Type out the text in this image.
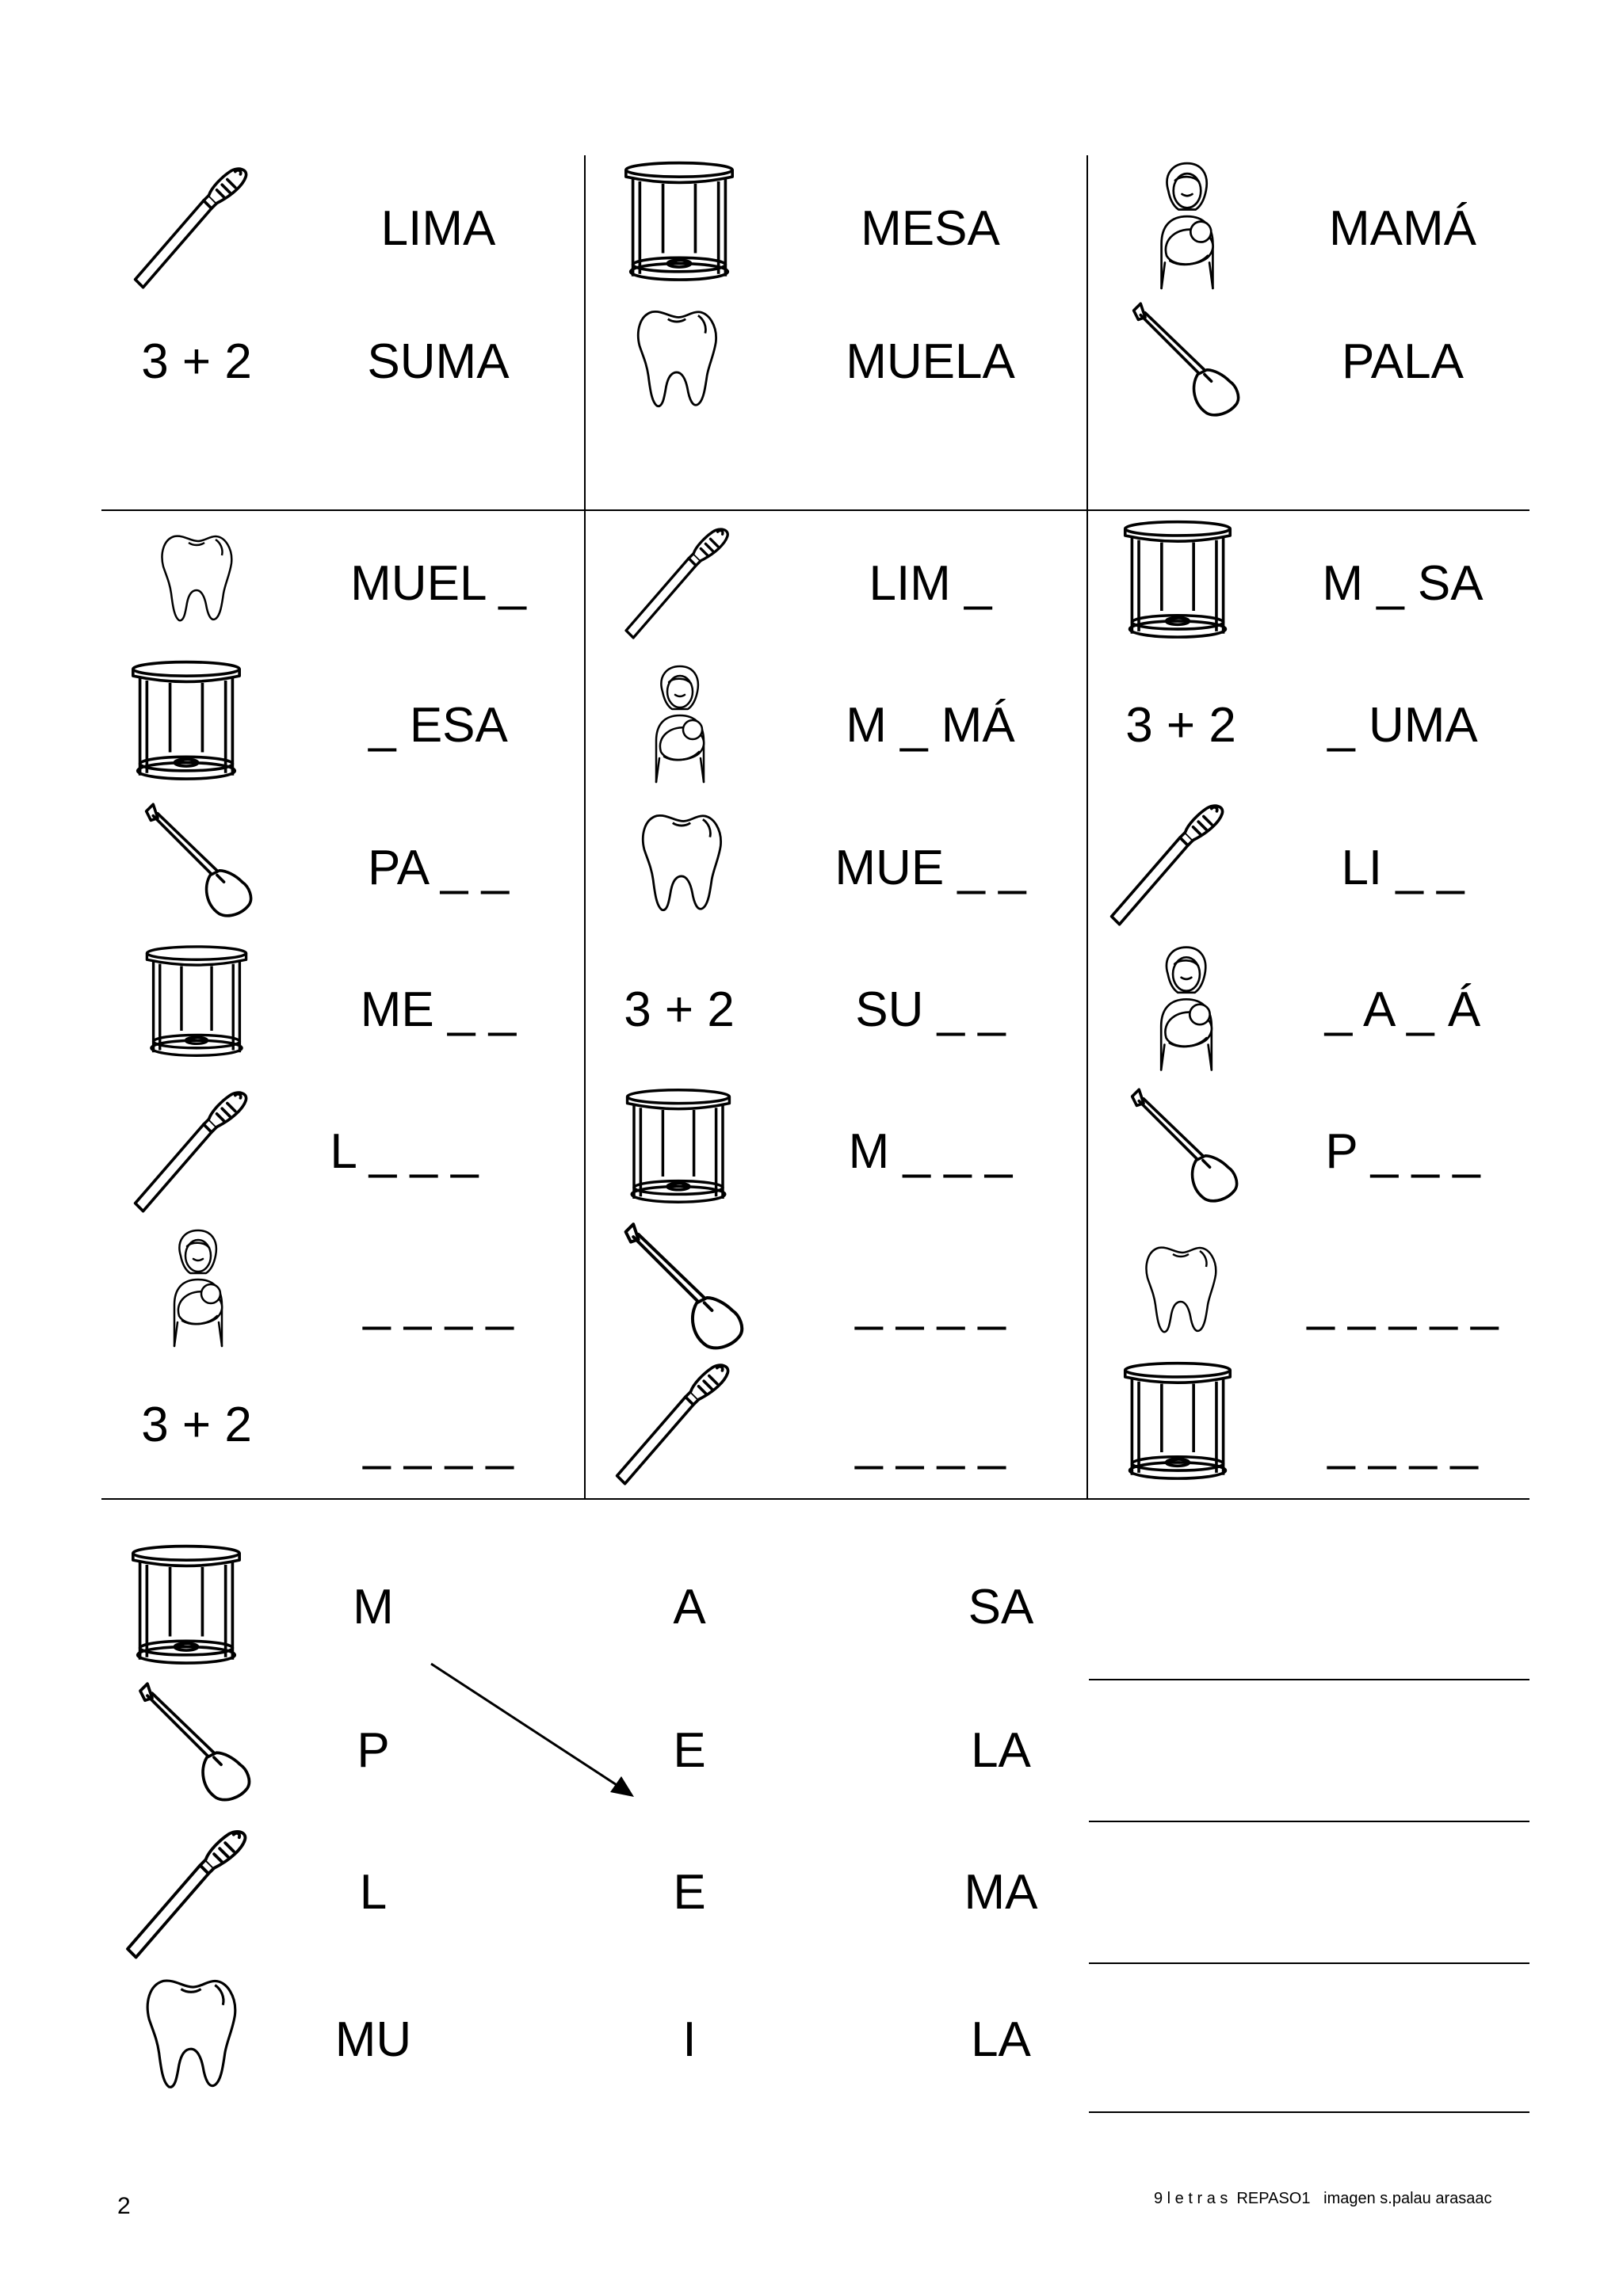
LIMA
3 + 2 SUMA
MESA
MUELA
MAMÁ
PALA
MUEL _
_ ESA
PA _ _
ME _ _
L _ _ _
_ _ _ _
3 + 2 _ _ _ _
LIM _
M _ MÁ
MUE _ _
3 + 2 SU _ _
M _ _ _
_ _ _ _
_ _ _ _
M _ SA
3 + 2 _ UMA
LI _ _
_ A _ Á
P _ _ _
_ _ _ _ _
_ _ _ _
M	A	SA
P	E	LA
L	E	MA
MU	I	LA
2	9 l e t r a s  REPASO1   imagen s.palau arasaac
